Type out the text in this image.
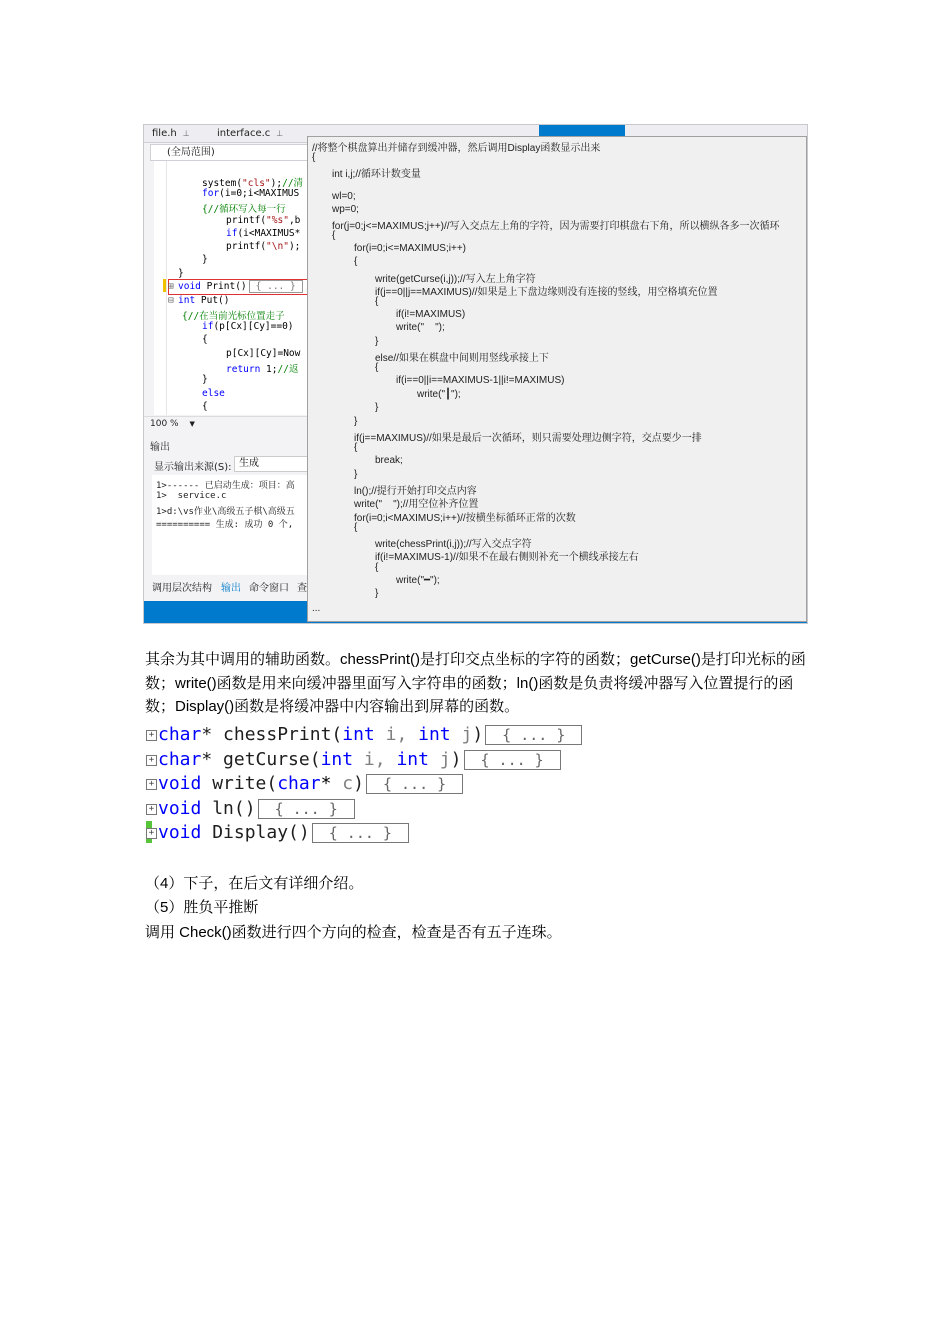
file.h ⊥	interface.c ⊥
(全局范围)
system("cls");//清
for(i=0;i<MAXIMUS
{//循环写入每一行
printf("%s",b
if(i<MAXIMUS*
printf("\n");
}
}
void Print() { ... }
int Put()
{//在当前光标位置走子
if(p[Cx][Cy]==0)
{
p[Cx][Cy]=Now
return 1;//返
}
else
{
⊞
⊟
100 % ▼
输出
显示输出来源(S): 生成
1>------ 已启动生成：项目：高
1>  service.c
1>d:\vs作业\高级五子棋\高级五
========== 生成: 成功 0 个,
调用层次结构 输出 命令窗口 查
//将整个棋盘算出并储存到缓冲器，然后调用Display函数显示出来
{
int i,j;//循环计数变量
wl=0;
wp=0;
for(j=0;j<=MAXIMUS;j++)//写入交点左上角的字符，因为需要打印棋盘右下角，所以横纵各多一次循环
{
for(i=0;i<=MAXIMUS;i++)
{
write(getCurse(i,j));//写入左上角字符
if(j==0||j==MAXIMUS)//如果是上下盘边缘则没有连接的竖线，用空格填充位置
{
if(i!=MAXIMUS)
write("    ");
}
else//如果在棋盘中间则用竖线承接上下
{
if(i==0||i==MAXIMUS-1||i!=MAXIMUS)
write("┃");
}
}
if(j==MAXIMUS)//如果是最后一次循环，则只需要处理边侧字符，交点要少一排
{
break;
}
ln();//提行开始打印交点内容
write("    ");//用空位补齐位置
for(i=0;i<MAXIMUS;i++)//按横坐标循环正常的次数
{
write(chessPrint(i,j));//写入交点字符
if(i!=MAXIMUS-1)//如果不在最右侧则补充一个横线承接左右
{
write("━");
}
...
其余为其中调用的辅助函数。chessPrint()是打印交点坐标的字符的函数；getCurse()是打印光标的函数；write()函数是用来向缓冲器里面写入字符串的函数；ln()函数是负责将缓冲器写入位置提行的函数；Display()函数是将缓冲器中内容输出到屏幕的函数。
+ char* chessPrint(int i, int j) { ... }
+ char* getCurse(int i, int j) { ... }
+ void write(char* c) { ... }
+ void ln() { ... }
+ void Display() { ... }
（4）下子，在后文有详细介绍。
（5）胜负平推断
调用 Check()函数进行四个方向的检查，检查是否有五子连珠。
